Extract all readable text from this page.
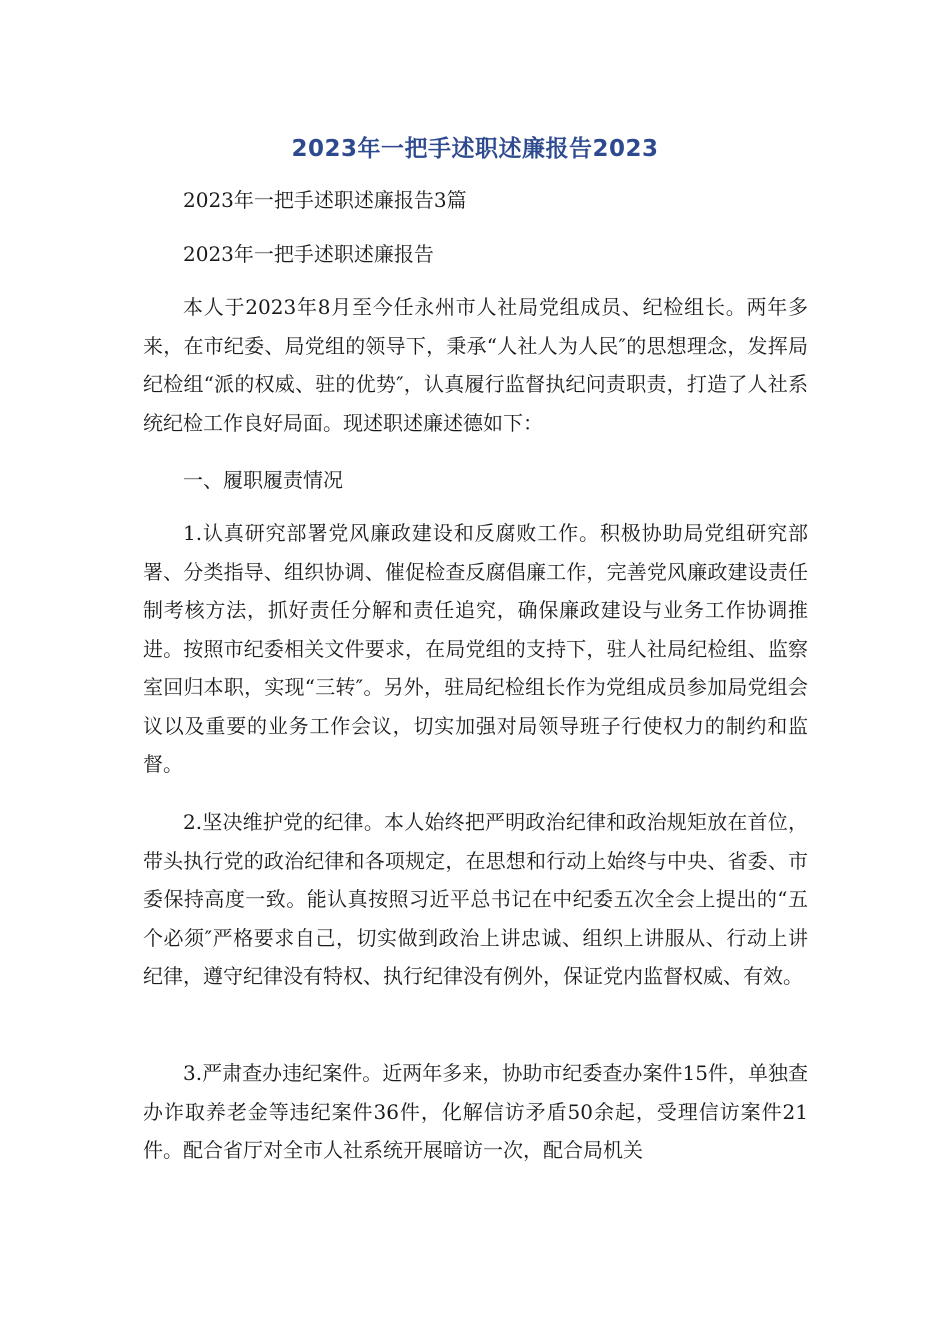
2023年一把手述职述廉报告2023

2023年一把手述职述廉报告3篇

2023年一把手述职述廉报告

本人于2023年8月至今任永州市人社局党组成员、纪检组长。两年多来，在市纪委、局党组的领导下，秉承“人社人为人民″的思想理念，发挥局纪检组“派的权威、驻的优势″，认真履行监督执纪问责职责，打造了人社系统纪检工作良好局面。现述职述廉述德如下：

一、履职履责情况

1.认真研究部署党风廉政建设和反腐败工作。积极协助局党组研究部署、分类指导、组织协调、催促检查反腐倡廉工作，完善党风廉政建设责任制考核方法，抓好责任分解和责任追究，确保廉政建设与业务工作协调推进。按照市纪委相关文件要求，在局党组的支持下，驻人社局纪检组、监察室回归本职，实现“三转″。另外，驻局纪检组长作为党组成员参加局党组会议以及重要的业务工作会议，切实加强对局领导班子行使权力的制约和监督。

2.坚决维护党的纪律。本人始终把严明政治纪律和政治规矩放在首位，带头执行党的政治纪律和各项规定，在思想和行动上始终与中央、省委、市委保持高度一致。能认真按照习近平总书记在中纪委五次全会上提出的“五个必须″严格要求自己，切实做到政治上讲忠诚、组织上讲服从、行动上讲纪律，遵守纪律没有特权、执行纪律没有例外，保证党内监督权威、有效。

3.严肃查办违纪案件。近两年多来，协助市纪委查办案件15件，单独查办诈取养老金等违纪案件36件，化解信访矛盾50余起，受理信访案件21件。配合省厅对全市人社系统开展暗访一次，配合局机关
